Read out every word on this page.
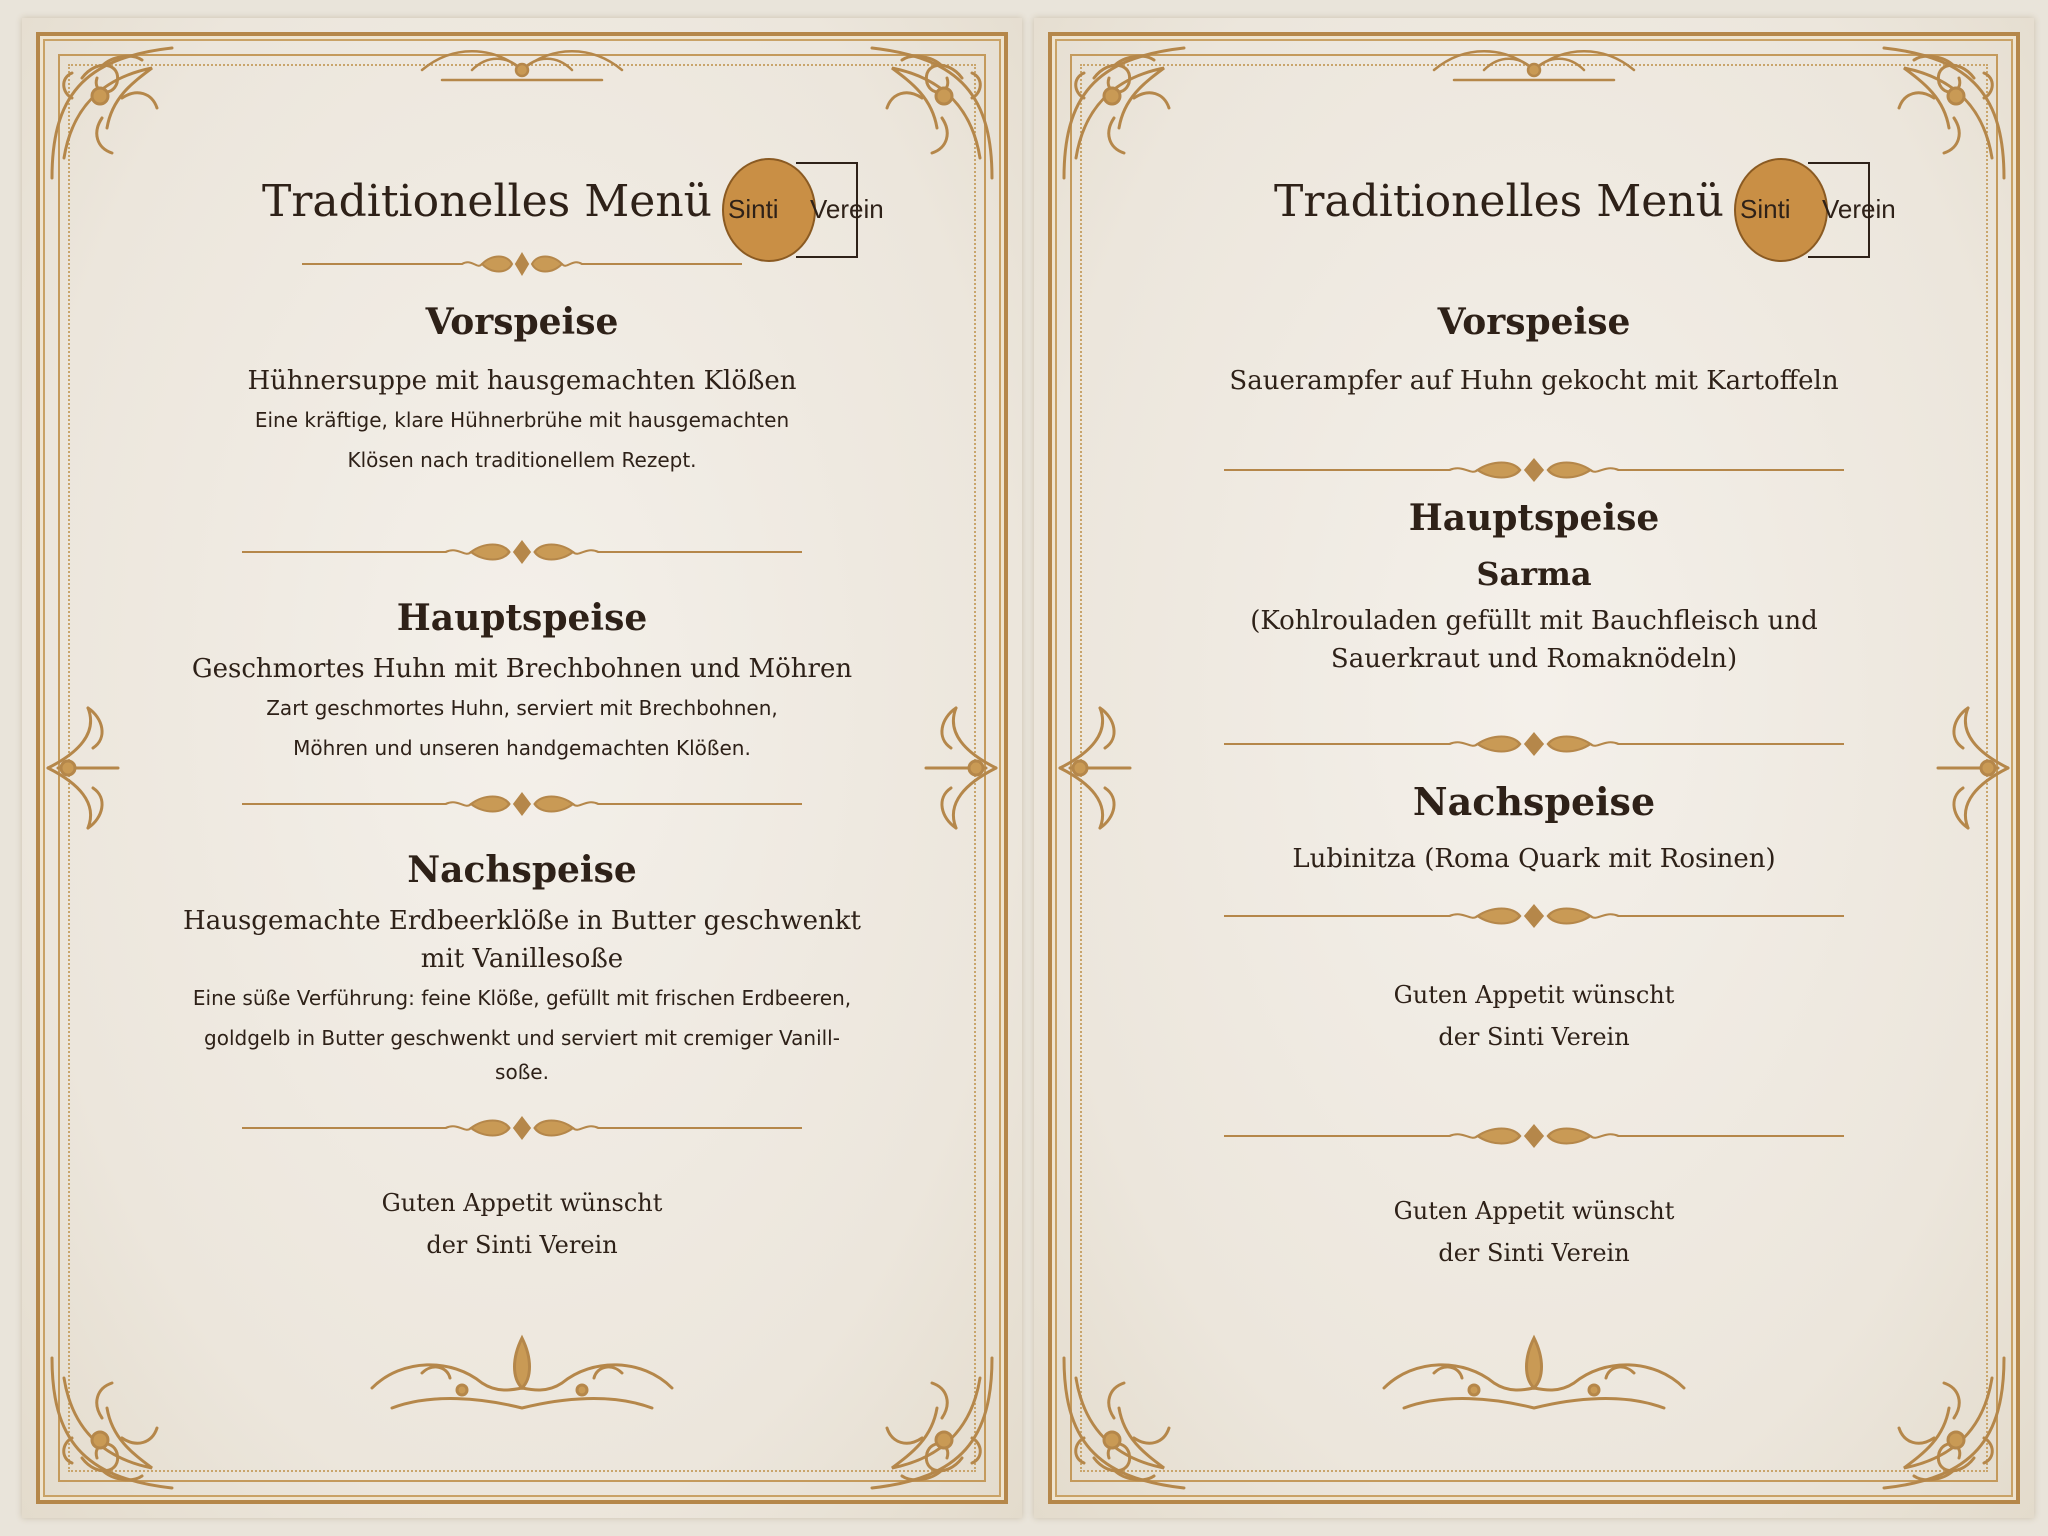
Traditionelles Menü Sinti Verein

Vorspeise

Hühnersuppe mit hausgemachten Klößen

Eine kräftige, klare Hühnerbrühe mit hausgemachten

Klösen nach traditionellem Rezept.

Hauptspeise

Geschmortes Huhn mit Brechbohnen und Möhren

Zart geschmortes Huhn, serviert mit Brechbohnen,

Möhren und unseren handgemachten Klößen.

Nachspeise

Hausgemachte Erdbeerklöße in Butter geschwenkt

mit Vanillesoße

Eine süße Verführung: feine Klöße, gefüllt mit frischen Erdbeeren,

goldgelb in Butter geschwenkt und serviert mit cremiger Vanill-

soße.

Guten Appetit wünscht

der Sinti Verein

Traditionelles Menü Sinti Verein

Vorspeise

Sauerampfer auf Huhn gekocht mit Kartoffeln

Hauptspeise

Sarma

(Kohlrouladen gefüllt mit Bauchfleisch und

Sauerkraut und Romaknödeln)

Nachspeise

Lubinitza (Roma Quark mit Rosinen)

Guten Appetit wünscht

der Sinti Verein

Guten Appetit wünscht

der Sinti Verein
